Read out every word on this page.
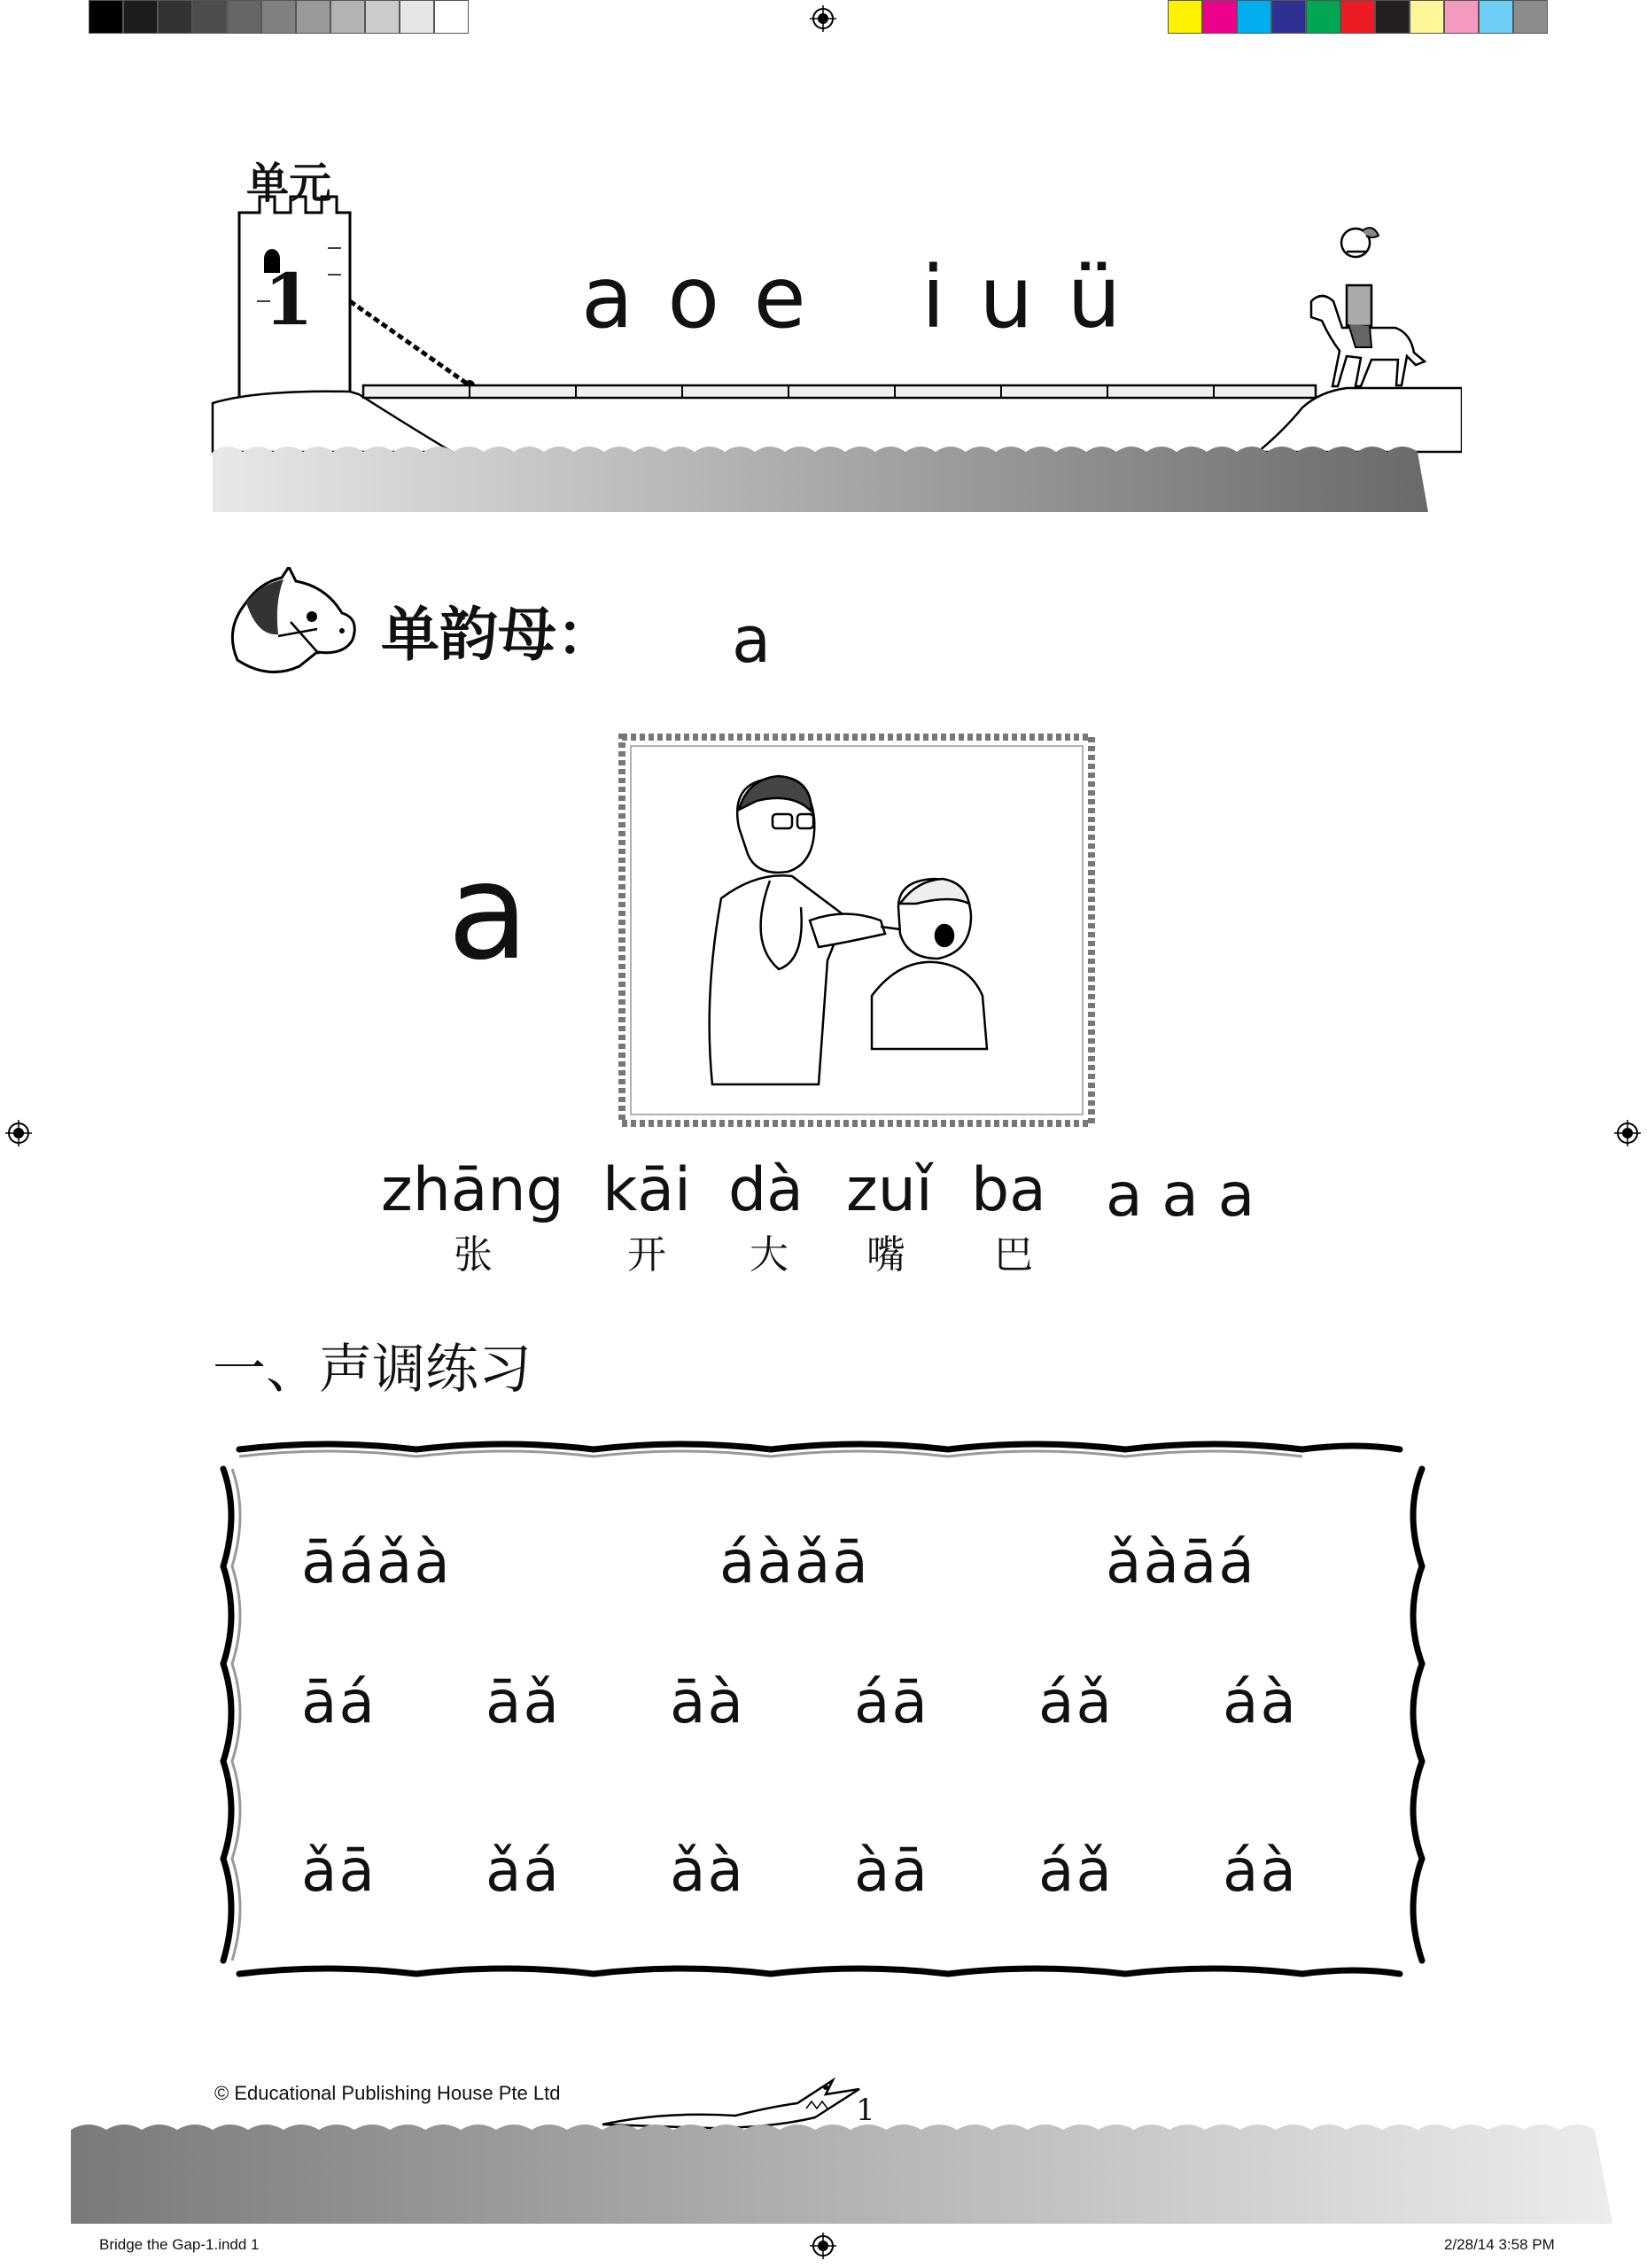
单元
1	a o e i u ü
单韵母： a
a
zhāng kāi dà zuǐ ba a a a
张	开 大 嘴 巴
一、声调练习
āáǎà	áàǎā	ǎàāá
āá āǎ āà áā áǎ áà
ǎā ǎá ǎà àā áǎ áà
© Educational Publishing House Pte Ltd	1
Bridge the Gap-1.indd 1	2/28/14 3:58 PM
